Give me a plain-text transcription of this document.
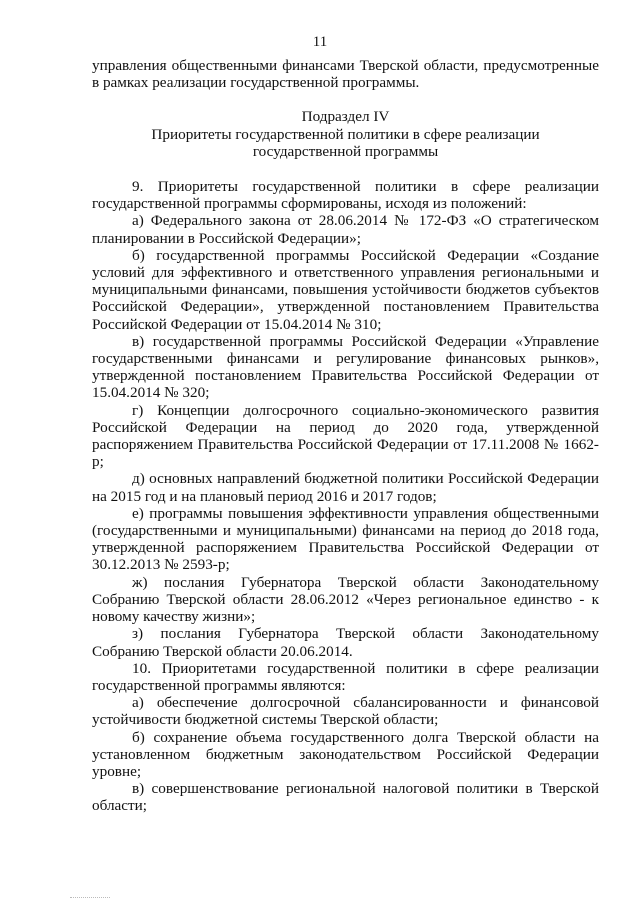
11

управления общественными финансами Тверской области, предусмотренные в рамках реализации государственной программы.

Подраздел IV

Приоритеты государственной политики в сфере реализации

государственной программы

9. Приоритеты государственной политики в сфере реализации государственной программы сформированы, исходя из положений:

а) Федерального закона от 28.06.2014 № 172-ФЗ «О стратегическом планировании в Российской Федерации»;

б) государственной программы Российской Федерации «Создание условий для эффективного и ответственного управления региональными и муниципальными финансами, повышения устойчивости бюджетов субъектов Российской Федерации», утвержденной постановлением Правительства Российской Федерации от 15.04.2014 № 310;

в) государственной программы Российской Федерации «Управление государственными финансами и регулирование финансовых рынков», утвержденной постановлением Правительства Российской Федерации от 15.04.2014 № 320;

г) Концепции долгосрочного социально-экономического развития Российской Федерации на период до 2020 года, утвержденной распоряжением Правительства Российской Федерации от 17.11.2008 № 1662-р;

д) основных направлений бюджетной политики Российской Федерации на 2015 год и на плановый период 2016 и 2017 годов;

е) программы повышения эффективности управления общественными (государственными и муниципальными) финансами на период до 2018 года, утвержденной распоряжением Правительства Российской Федерации от 30.12.2013 № 2593-р;

ж) послания Губернатора Тверской области Законодательному Собранию Тверской области 28.06.2012 «Через региональное единство - к новому качеству жизни»;

з) послания Губернатора Тверской области Законодательному Собранию Тверской области 20.06.2014.

10. Приоритетами государственной политики в сфере реализации государственной программы являются:

а) обеспечение долгосрочной сбалансированности и финансовой устойчивости бюджетной системы Тверской области;

б) сохранение объема государственного долга Тверской области на установленном бюджетным законодательством Российской Федерации уровне;

в) совершенствование региональной налоговой политики в Тверской области;
